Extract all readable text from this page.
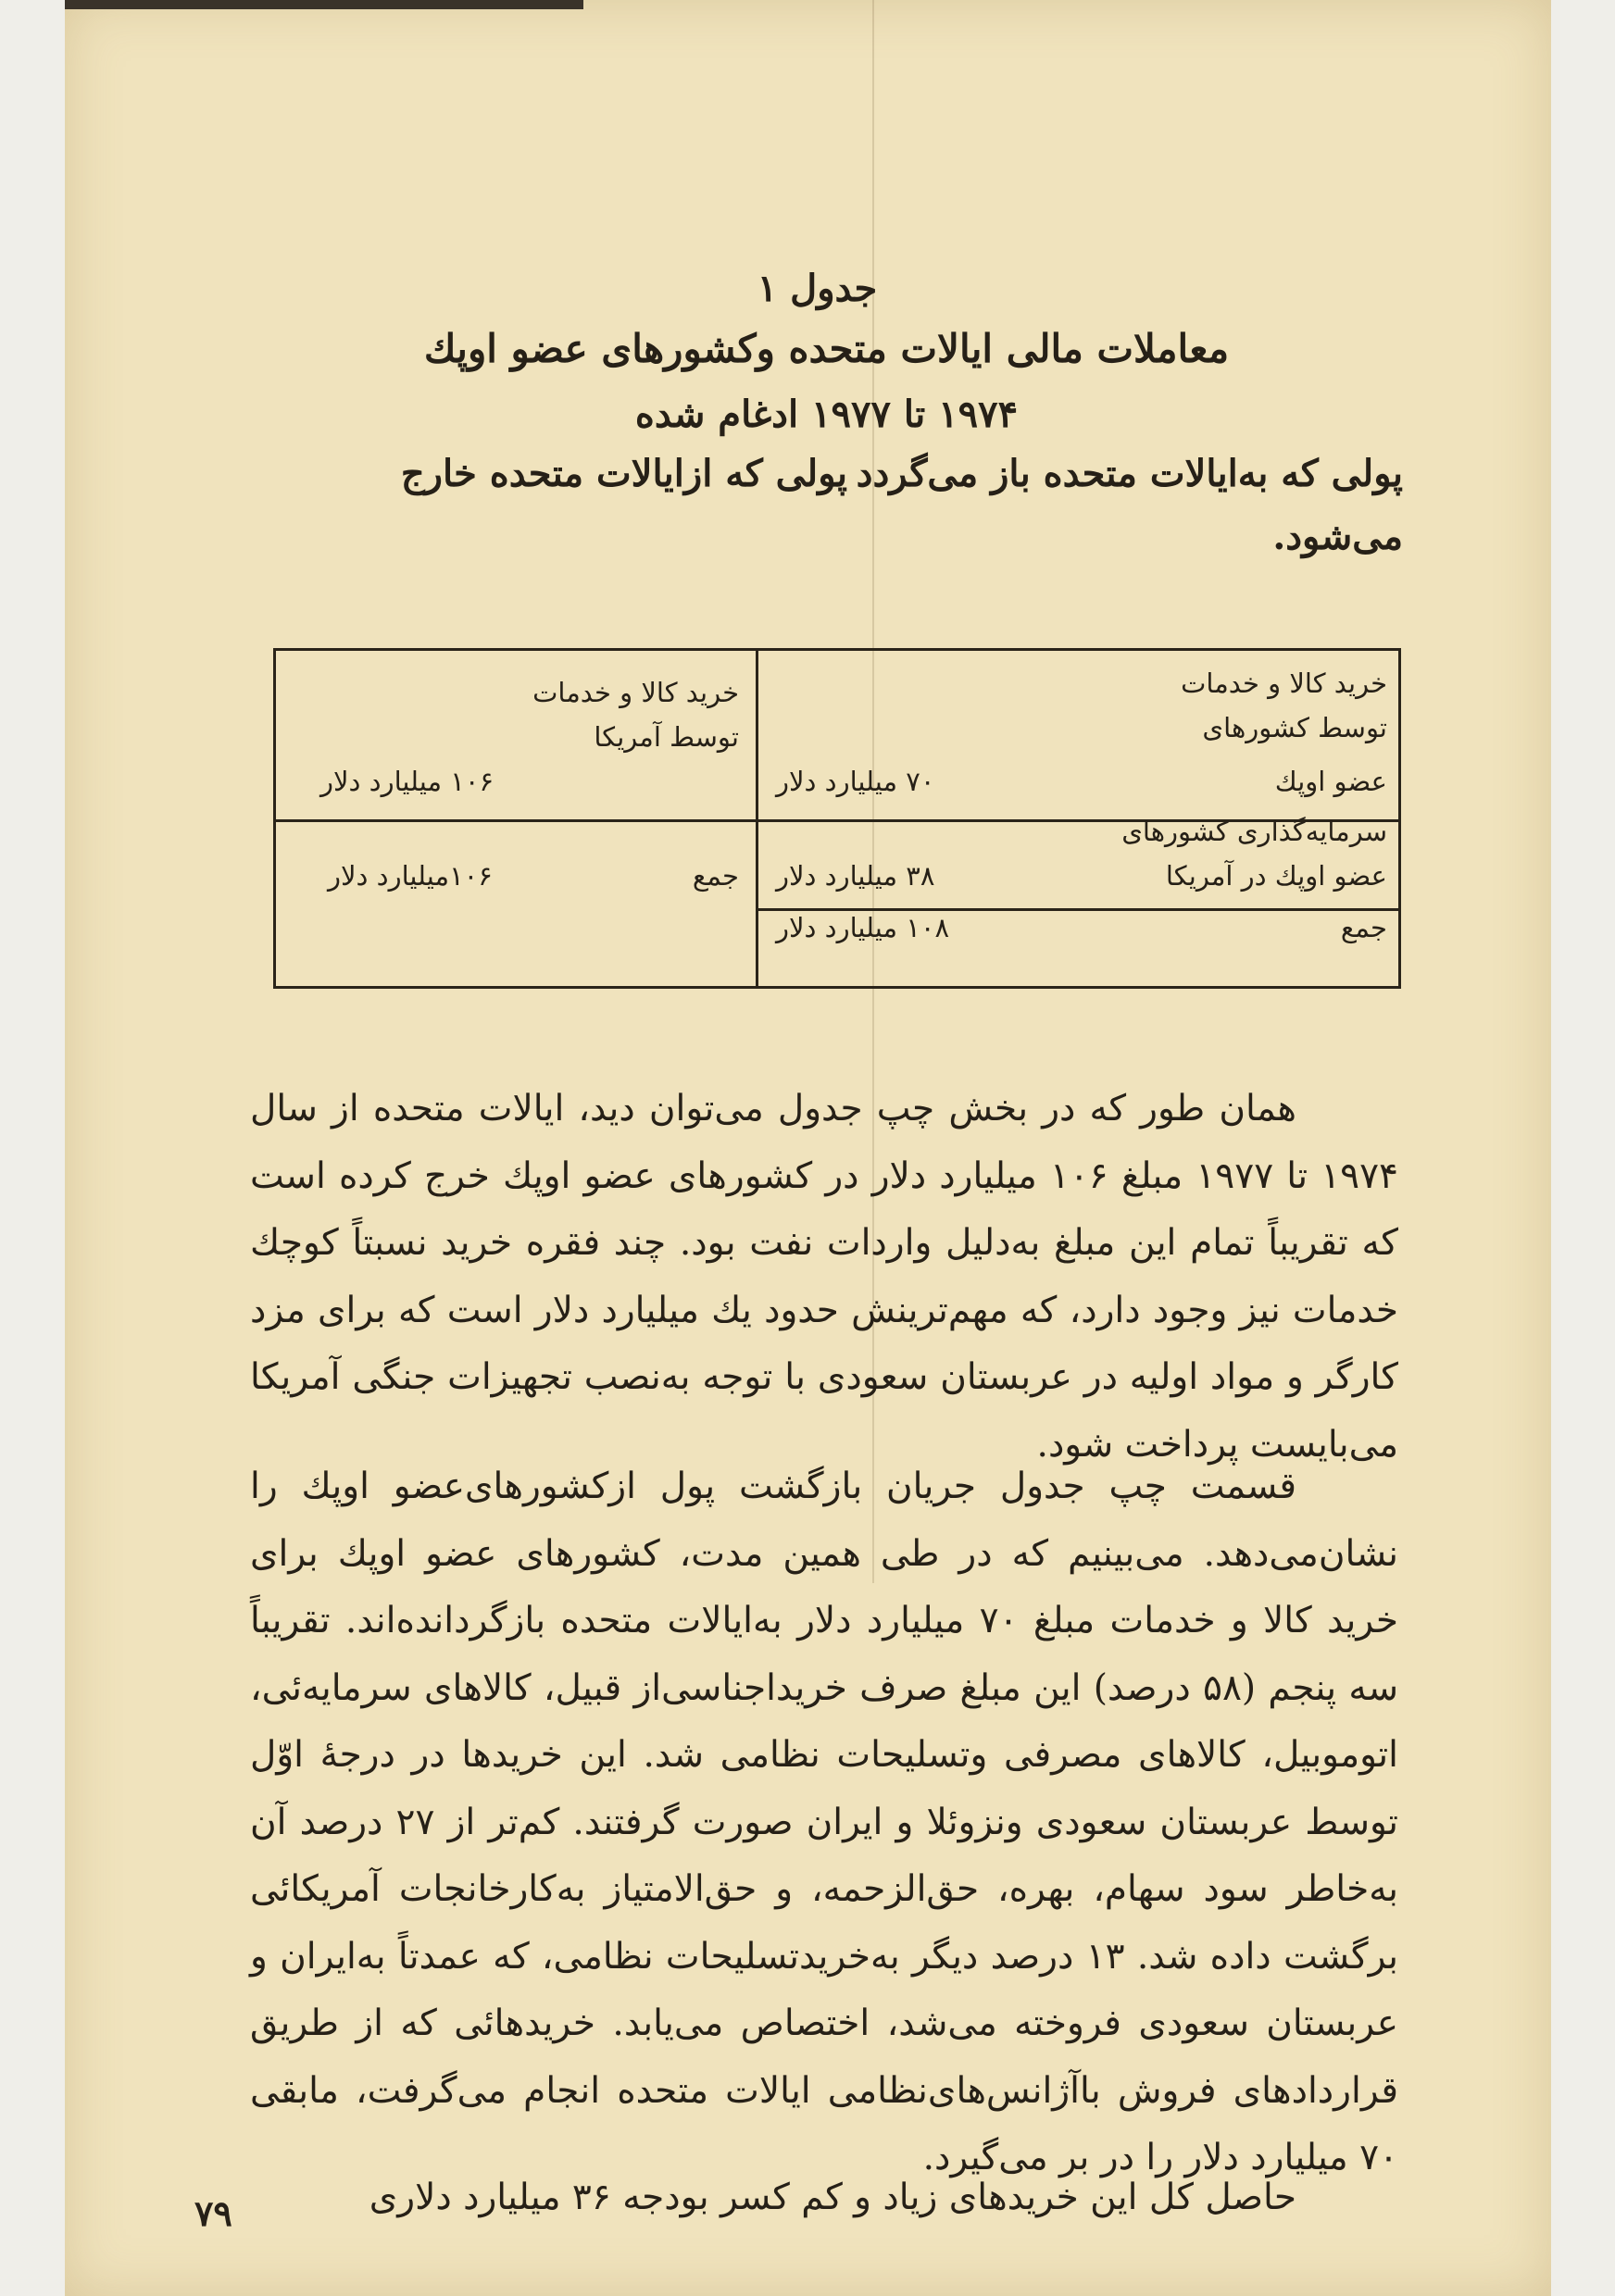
جدول ۱

معاملات مالی ایالات متحده وکشورهای عضو اوپك

۱۹۷۴ تا ۱۹۷۷ ادغام شده

پولی که به‌ایالات متحده باز می‌گردد

پولی که ازایالات متحده خارج

می‌شود.

خرید کالا و خدمات

توسط کشورهای

عضو اوپك

۷۰ میلیارد دلار

سرمایه‌گذاری کشورهای

عضو اوپك در آمریکا

۳۸ میلیارد دلار

جمع

۱۰۸ میلیارد دلار

خرید کالا و خدمات

توسط آمریکا

۱۰۶ میلیارد دلار

جمع

۱۰۶میلیارد دلار

همان طور که در بخش چپ جدول می‌توان دید، ایالات متحده از سال ۱۹۷۴ تا ۱۹۷۷ مبلغ ۱۰۶ میلیارد دلار در کشورهای عضو اوپك خرج کرده است که تقریباً تمام این مبلغ به‌دلیل واردات نفت بود. چند فقره خرید نسبتاً کوچك خدمات نیز وجود دارد، که مهم‌ترینش حدود یك میلیارد دلار است که برای مزد کارگر و مواد اولیه در عربستان سعودی با توجه به‌نصب تجهیزات جنگی آمریکا می‌بایست پرداخت شود.

قسمت چپ جدول جریان بازگشت پول ازکشورهای‌عضو اوپك را نشان‌می‌دهد. می‌بینیم که در طی همین مدت، کشورهای عضو اوپك برای خرید کالا و خدمات مبلغ ۷۰ میلیارد دلار به‌ایالات متحده بازگردانده‌اند. تقریباً سه پنجم (۵۸ درصد) این مبلغ صرف خریداجناسی‌از قبیل، کالاهای سرمایه‌ئی، اتوموبیل، کالاهای مصرفی وتسلیحات نظامی شد. این خریدها در درجهٔ اوّل توسط عربستان سعودی ونزوئلا و ایران صورت گرفتند. کم‌تر از ۲۷ درصد آن به‌خاطر سود سهام، بهره، حق‌الزحمه، و حق‌الامتیاز به‌کارخانجات آمریکائی برگشت داده شد. ۱۳ درصد دیگر به‌خریدتسلیحات نظامی، که عمدتاً به‌ایران و عربستان سعودی فروخته می‌شد، اختصاص می‌یابد. خریدهائی که از طریق قراردادهای فروش باآژانس‌های‌نظامی ایالات متحده انجام می‌گرفت، مابقی ۷۰ میلیارد دلار را در بر می‌گیرد.

حاصل کل این خریدهای زیاد و کم کسر بودجه ۳۶ میلیارد دلاری

۷۹
